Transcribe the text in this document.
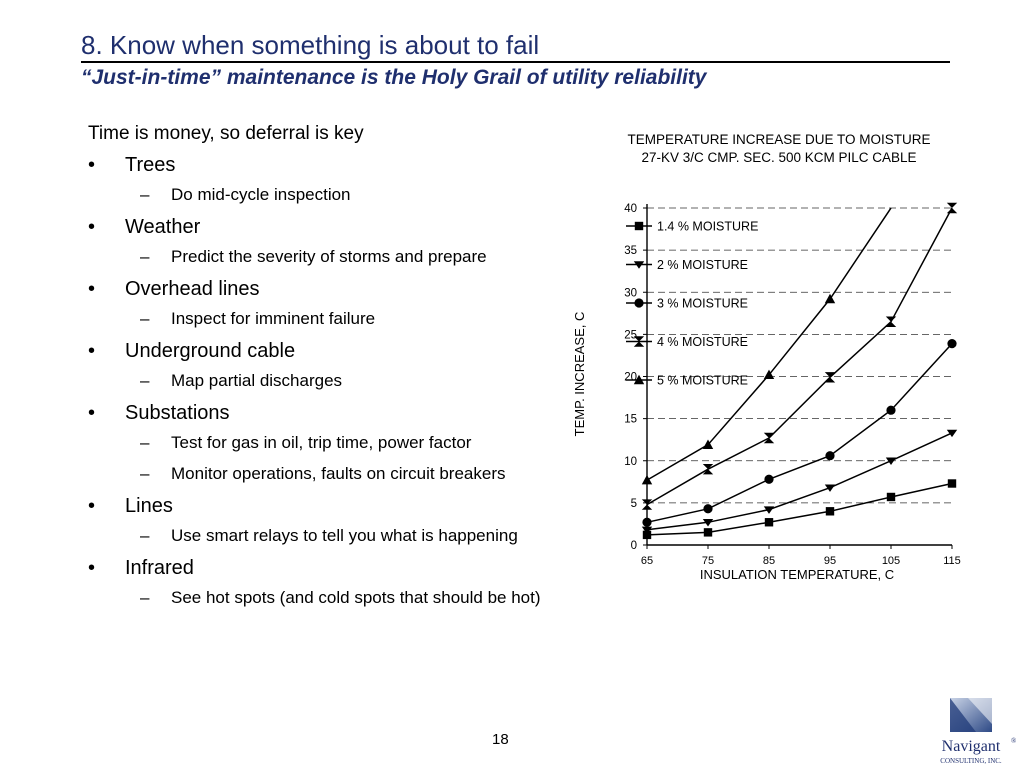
8. Know when something is about to fail
“Just-in-time” maintenance is the Holy Grail of utility reliability
Time is money, so deferral is key
• Trees
– Do mid-cycle inspection
• Weather
– Predict the severity of storms and prepare
• Overhead lines
– Inspect for imminent failure
• Underground cable
– Map partial discharges
• Substations
– Test for gas in oil, trip time, power factor
– Monitor operations, faults on circuit breakers
• Lines
– Use smart relays to tell you what is happening
• Infrared
– See hot spots (and cold spots that should be hot)
TEMPERATURE INCREASE DUE TO MOISTURE
27-KV 3/C CMP. SEC. 500 KCM PILC CABLE
INSULATION TEMPERATURE, C
TEMP. INCREASE, C
0
5
10
15
20
25
30
35
40
65	75	85	95	105	115
1.4 % MOISTURE
2 % MOISTURE
3 % MOISTURE
4 % MOISTURE
5 % MOISTURE
18	Navigant ®
CONSULTING, INC.
